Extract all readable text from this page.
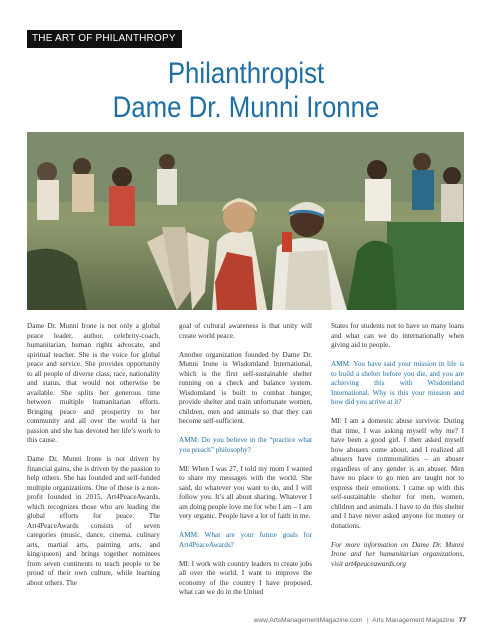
THE ART OF PHILANTHROPY
Philanthropist
Dame Dr. Munni Ironne

Dame Dr. Munni Irone is not only a global peace leader, author, celebrity-coach, humanitarian, human rights advocate, and spiritual teacher. She is the voice for global peace and service. She provides opportunity to all people of diverse class, race, nationality and status, that would not otherwise be available. She splits her generous time between multiple humanitarian efforts. Bringing peace and prosperity to her community and all over the world is her passion and she has devoted her life’s work to this cause.

Dame Dr. Munni Irone is not driven by financial gains, she is driven by the passion to help others. She has founded and self-funded multiple organizations. One of those is a non-profit founded in 2015, Art4PeaceAwards, which recognizes those who are leading the global efforts for peace. The Art4PeaceAwards consists of seven categories (music, dance, cinema, culinary arts, martial arts, painting arts, and king/queen) and brings together nominees from seven continents to teach people to be proud of their own culture, while learning about others. The

goal of cultural awareness is that unity will create world peace.

Another organization founded by Dame Dr. Munni Irone is Wisdomland International, which is the first self-sustainable shelter running on a check and balance system. Wisdomland is built to combat hunger, provide shelter and train unfortunate women, children, men and animals so that they can become self-sufficient.

AMM: Do you believe in the “practice what you preach” philosophy?

MI: When I was 27, I told my mom I wanted to share my messages with the world. She said, do whatever you want to do, and I will follow you. It’s all about sharing. Whatever I am doing people love me for who I am – I am very organic. People have a lot of faith in me.

AMM: What are your future goals for Art4PeaceAwards?

MI: I work with country leaders to create jobs all over the world. I want to improve the economy of the country I have proposed, what can we do in the United

States for students not to have so many loans and what can we do internationally when giving aid to people.

AMM: You have said your mission in life is to build a shelter before you die, and you are achieving this with Wisdomland International. Why is this your mission and how did you arrive at it?

MI: I am a domestic abuse survivor. During that time, I was asking myself why me? I have been a good girl. I then asked myself how abusers come about, and I realized all abusers have commonalities – an abuser regardless of any gender is an abuser. Men have no place to go men are taught not to express their emotions. I came up with this self-sustainable shelter for men, women, children and animals. I have to do this shelter and I have never asked anyone for money or donations.

For more information on Dame Dr. Munni Irone and her humanitarian organizations, visit art4peaceawards.org

www.ArtsManagementMagazine.com | Arts Management Magazine 77
